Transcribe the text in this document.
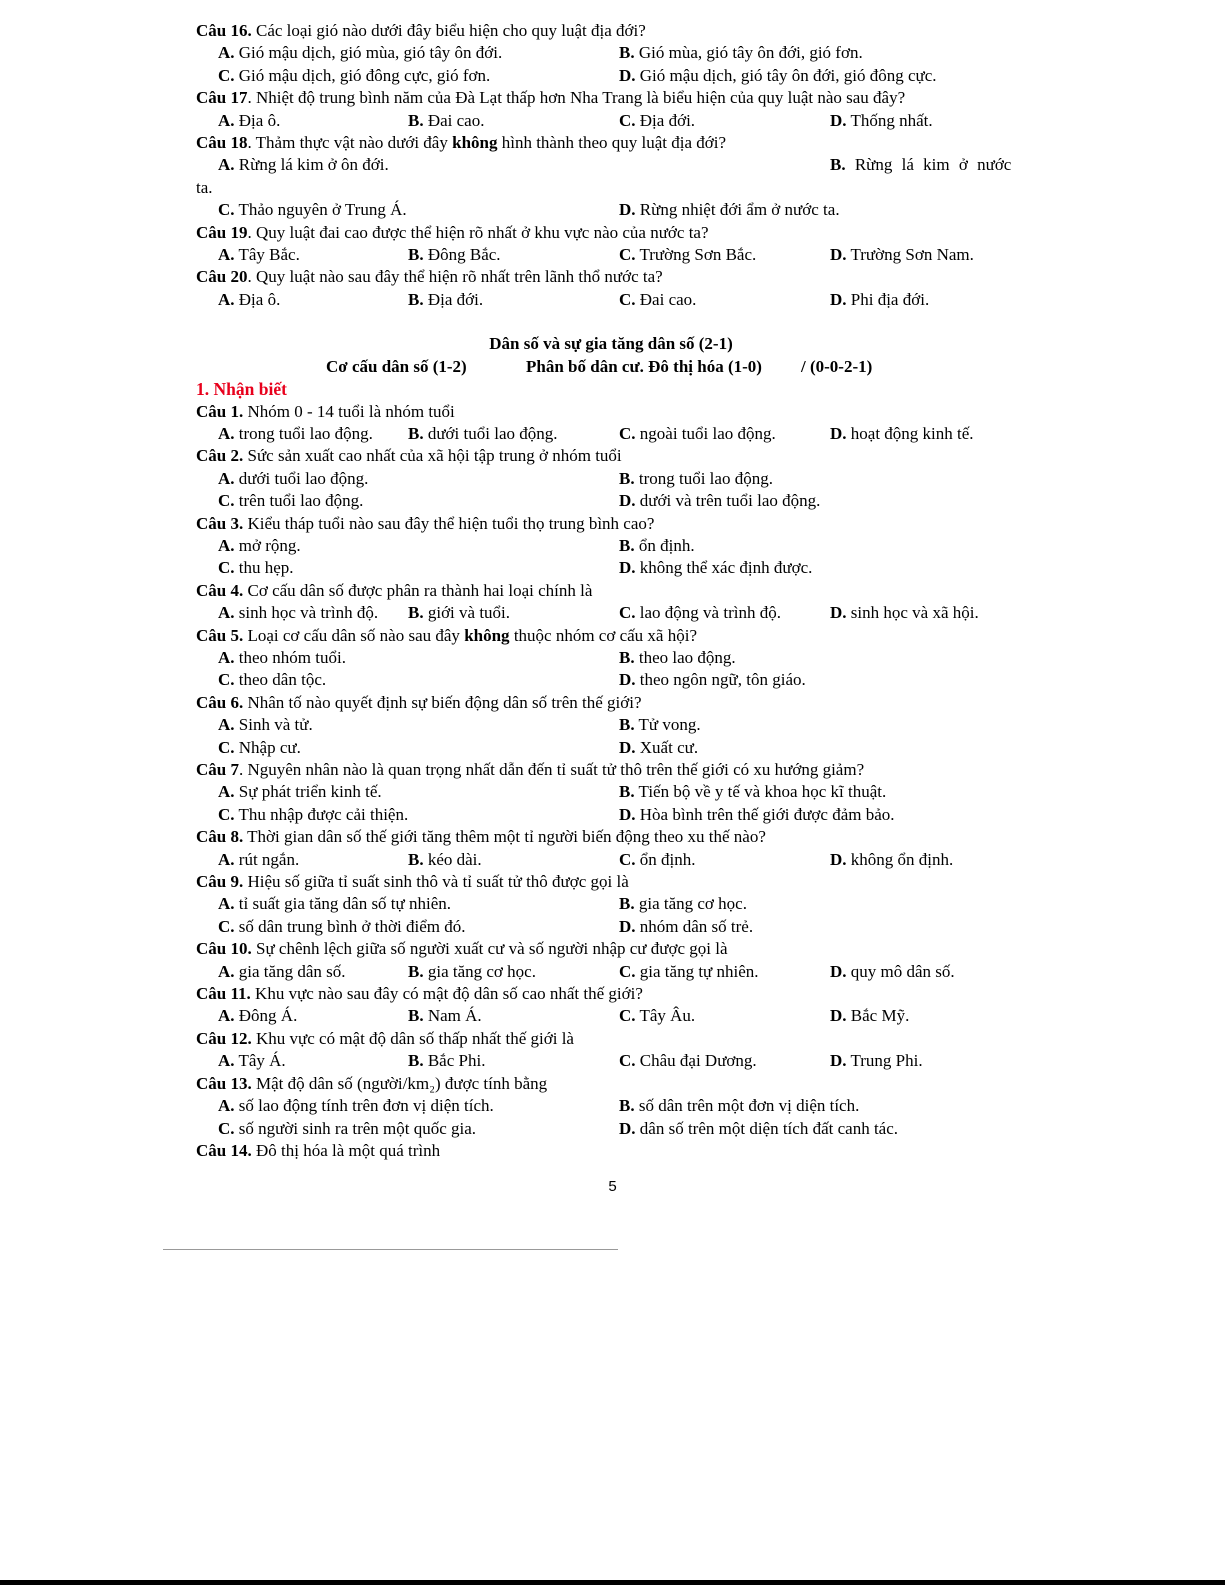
Câu 16. Các loại gió nào dưới đây biểu hiện cho quy luật địa đới?
A. Gió mậu dịch, gió mùa, gió tây ôn đới.	B. Gió mùa, gió tây ôn đới, gió fơn.
C. Gió mậu dịch, gió đông cực, gió fơn.	D. Gió mậu dịch, gió tây ôn đới, gió đông cực.
Câu 17. Nhiệt độ trung bình năm của Đà Lạt thấp hơn Nha Trang là biểu hiện của quy luật nào sau đây?
A. Địa ô.	B. Đai cao.	C. Địa đới.	D. Thống nhất.
Câu 18. Thảm thực vật nào dưới đây không hình thành theo quy luật địa đới?
A. Rừng lá kim ở ôn đới.	B. Rừng lá kim ở nước
ta.
C. Thảo nguyên ở Trung Á.	D. Rừng nhiệt đới ẩm ở nước ta.
Câu 19. Quy luật đai cao được thể hiện rõ nhất ở khu vực nào của nước ta?
A. Tây Bắc.	B. Đông Bắc.	C. Trường Sơn Bắc.	D. Trường Sơn Nam.
Câu 20. Quy luật nào sau đây thể hiện rõ nhất trên lãnh thổ nước ta?
A. Địa ô.	B. Địa đới.	C. Đai cao.	D. Phi địa đới.
Dân số và sự gia tăng dân số (2-1)
Cơ cấu dân số (1-2)	Phân bố dân cư. Đô thị hóa (1-0) / (0-0-2-1)
1. Nhận biết
Câu 1. Nhóm 0 - 14 tuổi là nhóm tuổi
A. trong tuổi lao động.	B. dưới tuổi lao động.	C. ngoài tuổi lao động.	D. hoạt động kinh tế.
Câu 2. Sức sản xuất cao nhất của xã hội tập trung ở nhóm tuổi
A. dưới tuổi lao động.	B. trong tuổi lao động.
C. trên tuổi lao động.	D. dưới và trên tuổi lao động.
Câu 3. Kiểu tháp tuổi nào sau đây thể hiện tuổi thọ trung bình cao?
A. mở rộng.	B. ổn định.
C. thu hẹp.	D. không thể xác định được.
Câu 4. Cơ cấu dân số được phân ra thành hai loại chính là
A. sinh học và trình độ.	B. giới và tuổi.	C. lao động và trình độ.	D. sinh học và xã hội.
Câu 5. Loại cơ cấu dân số nào sau đây không thuộc nhóm cơ cấu xã hội?
A. theo nhóm tuổi.	B. theo lao động.
C. theo dân tộc.	D. theo ngôn ngữ, tôn giáo.
Câu 6. Nhân tố nào quyết định sự biến động dân số trên thế giới?
A. Sinh và tử.	B. Tử vong.
C. Nhập cư.	D. Xuất cư.
Câu 7. Nguyên nhân nào là quan trọng nhất dẫn đến tỉ suất tử thô trên thế giới có xu hướng giảm?
A. Sự phát triển kinh tế.	B. Tiến bộ về y tế và khoa học kĩ thuật.
C. Thu nhập được cải thiện.	D. Hòa bình trên thế giới được đảm bảo.
Câu 8. Thời gian dân số thế giới tăng thêm một tỉ người biến động theo xu thế nào?
A. rút ngắn.	B. kéo dài.	C. ổn định.	D. không ổn định.
Câu 9. Hiệu số giữa tỉ suất sinh thô và tỉ suất tử thô được gọi là
A. tỉ suất gia tăng dân số tự nhiên.	B. gia tăng cơ học.
C. số dân trung bình ở thời điểm đó.	D. nhóm dân số trẻ.
Câu 10. Sự chênh lệch giữa số người xuất cư và số người nhập cư được gọi là
A. gia tăng dân số.	B. gia tăng cơ học.	C. gia tăng tự nhiên.	D. quy mô dân số.
Câu 11. Khu vực nào sau đây có mật độ dân số cao nhất thế giới?
A. Đông Á.	B. Nam Á.	C. Tây Âu.	D. Bắc Mỹ.
Câu 12. Khu vực có mật độ dân số thấp nhất thế giới là
A. Tây Á.	B. Bắc Phi.	C. Châu đại Dương.	D. Trung Phi.
Câu 13. Mật độ dân số (người/km₂) được tính bằng
A. số lao động tính trên đơn vị diện tích.	B. số dân trên một đơn vị diện tích.
C. số người sinh ra trên một quốc gia.	D. dân số trên một diện tích đất canh tác.
Câu 14. Đô thị hóa là một quá trình
5
